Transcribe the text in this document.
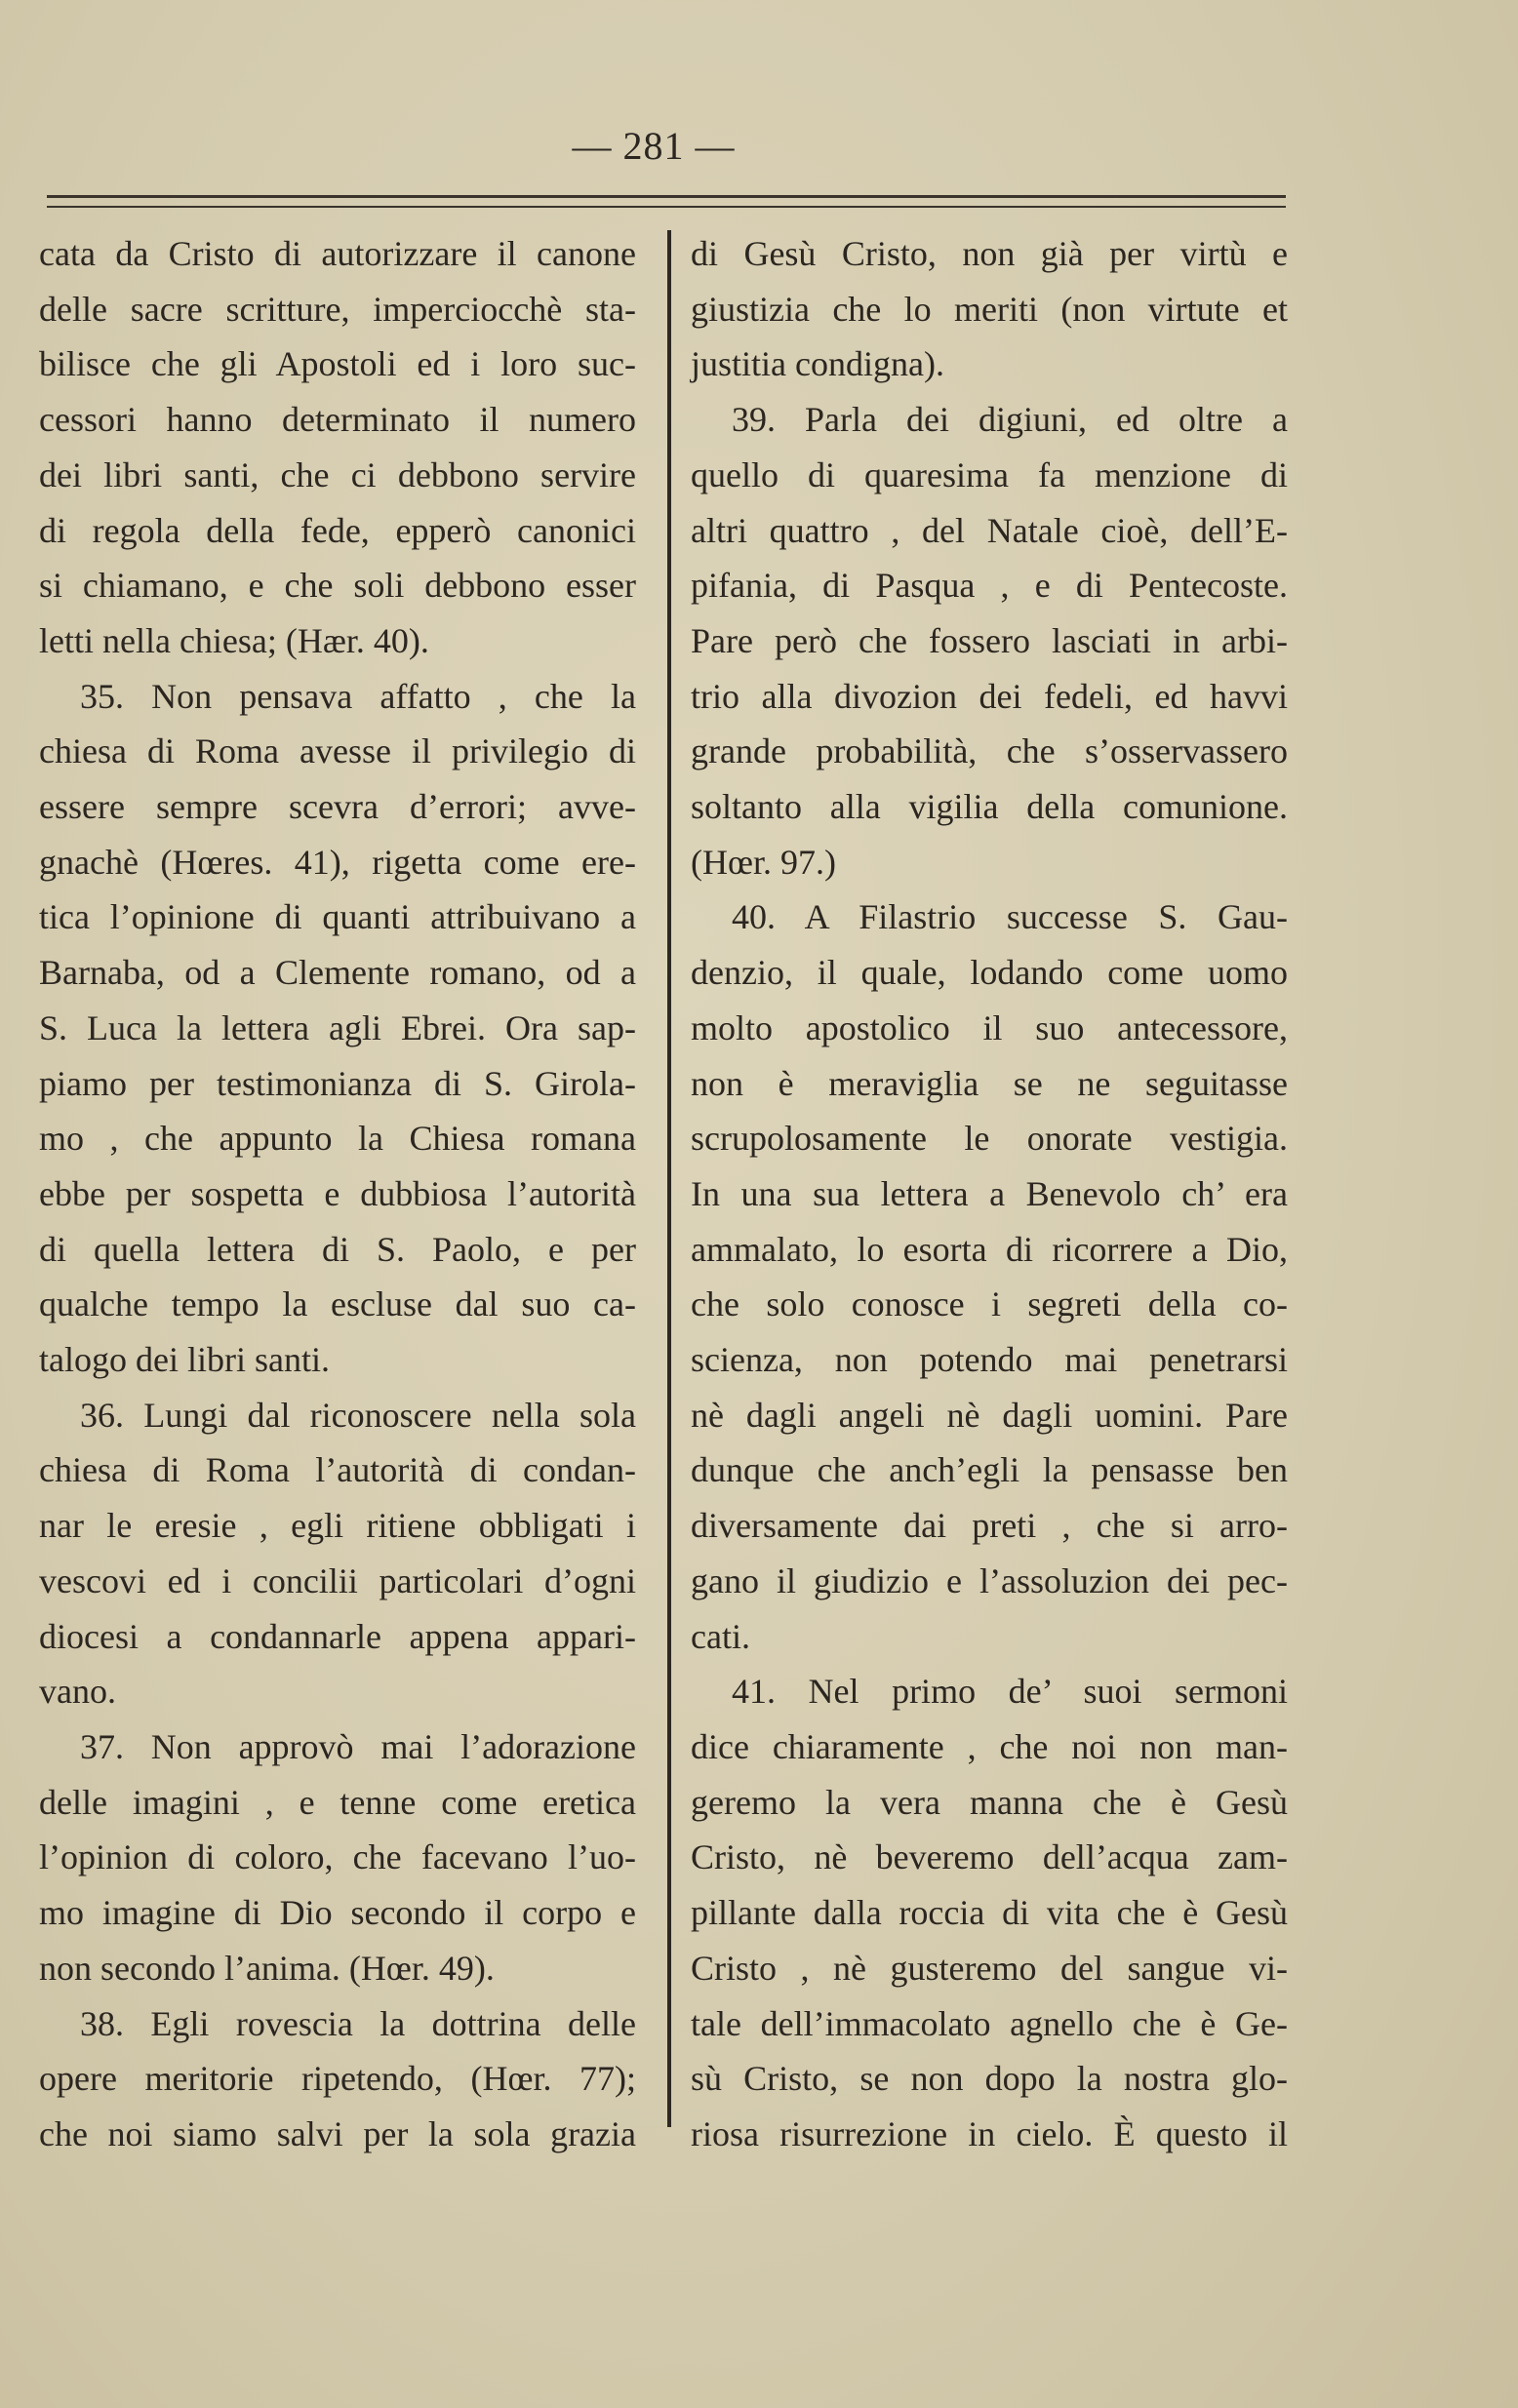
— 281 —

cata da Cristo di autorizzare il canone

delle sacre scritture, imperciocchè sta-

bilisce che gli Apostoli ed i loro suc-

cessori hanno determinato il numero

dei libri santi, che ci debbono servire

di regola della fede, epperò canonici

si chiamano, e che soli debbono esser

letti nella chiesa; (Hær. 40).

35. Non pensava affatto , che la

chiesa di Roma avesse il privilegio di

essere sempre scevra d’errori; avve-

gnachè (Hœres. 41), rigetta come ere-

tica l’opinione di quanti attribuivano a

Barnaba, od a Clemente romano, od a

S. Luca la lettera agli Ebrei. Ora sap-

piamo per testimonianza di S. Girola-

mo , che appunto la Chiesa romana

ebbe per sospetta e dubbiosa l’autorità

di quella lettera di S. Paolo, e per

qualche tempo la escluse dal suo ca-

talogo dei libri santi.

36. Lungi dal riconoscere nella sola

chiesa di Roma l’autorità di condan-

nar le eresie , egli ritiene obbligati i

vescovi ed i concilii particolari d’ogni

diocesi a condannarle appena appari-

vano.

37. Non approvò mai l’adorazione

delle imagini , e tenne come eretica

l’opinion di coloro, che facevano l’uo-

mo imagine di Dio secondo il corpo e

non secondo l’anima. (Hœr. 49).

38. Egli rovescia la dottrina delle

opere meritorie ripetendo, (Hœr. 77);

che noi siamo salvi per la sola grazia

di Gesù Cristo, non già per virtù e

giustizia che lo meriti (non virtute et

justitia condigna).

39. Parla dei digiuni, ed oltre a

quello di quaresima fa menzione di

altri quattro , del Natale cioè, dell’E-

pifania, di Pasqua , e di Pentecoste.

Pare però che fossero lasciati in arbi-

trio alla divozion dei fedeli, ed havvi

grande probabilità, che s’osservassero

soltanto alla vigilia della comunione.

(Hœr. 97.)

40. A Filastrio successe S. Gau-

denzio, il quale, lodando come uomo

molto apostolico il suo antecessore,

non è meraviglia se ne seguitasse

scrupolosamente le onorate vestigia.

In una sua lettera a Benevolo ch’ era

ammalato, lo esorta di ricorrere a Dio,

che solo conosce i segreti della co-

scienza, non potendo mai penetrarsi

nè dagli angeli nè dagli uomini. Pare

dunque che anch’egli la pensasse ben

diversamente dai preti , che si arro-

gano il giudizio e l’assoluzion dei pec-

cati.

41. Nel primo de’ suoi sermoni

dice chiaramente , che noi non man-

geremo la vera manna che è Gesù

Cristo, nè beveremo dell’acqua zam-

pillante dalla roccia di vita che è Gesù

Cristo , nè gusteremo del sangue vi-

tale dell’immacolato agnello che è Ge-

sù Cristo, se non dopo la nostra glo-

riosa risurrezione in cielo. È questo il
